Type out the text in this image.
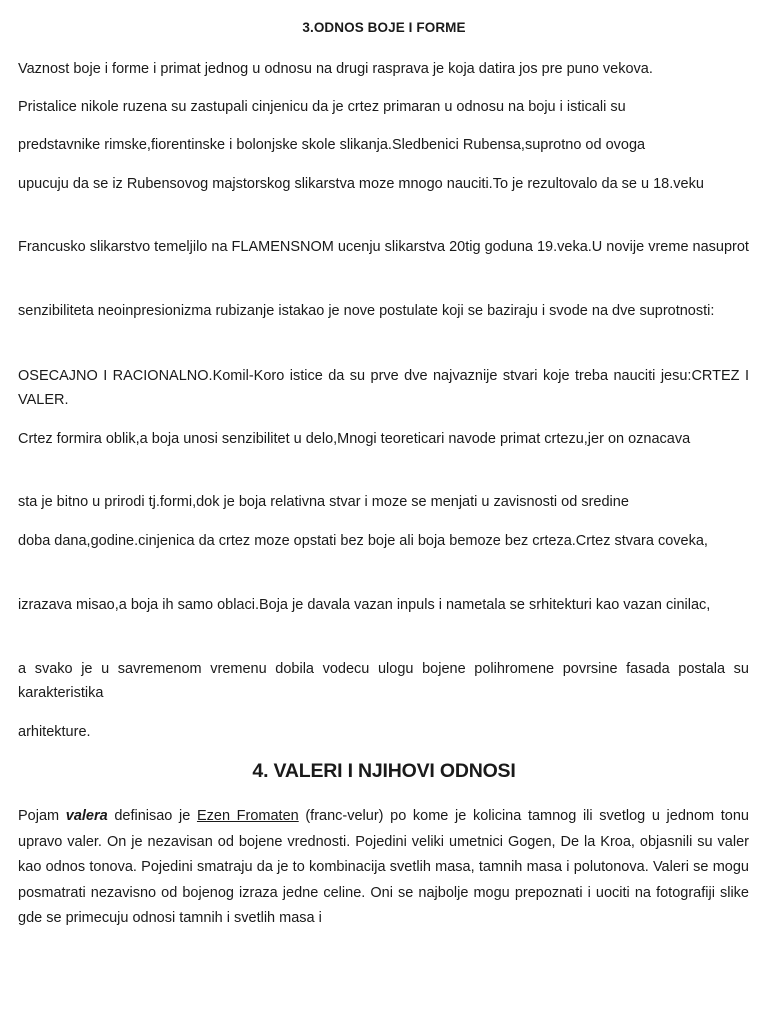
3.ODNOS BOJE I FORME
Vaznost boje i forme i primat jednog u odnosu na drugi rasprava je koja datira jos pre puno vekova.
Pristalice nikole ruzena su zastupali cinjenicu da je crtez primaran u odnosu na boju i isticali su
predstavnike rimske,fiorentinske i bolonjske skole slikanja.Sledbenici Rubensa,suprotno od ovoga
upucuju da se iz Rubensovog majstorskog slikarstva moze mnogo nauciti.To je rezultovalo da se u 18.veku
Francusko slikarstvo temeljilo na FLAMENSNOM ucenju slikarstva 20tig goduna 19.veka.U novije vreme nasuprot
senzibiliteta neoinpresionizma rubizanje istakao je nove postulate koji se baziraju i svode na dve suprotnosti:
OSECAJNO I RACIONALNO.Komil-Koro istice da su prve dve najvaznije stvari koje treba nauciti jesu:CRTEZ I VALER.
Crtez formira oblik,a boja unosi senzibilitet u delo,Mnogi teoreticari navode primat crtezu,jer on oznacava
sta je bitno u prirodi tj.formi,dok je boja relativna stvar i moze se menjati u zavisnosti od sredine
doba dana,godine.cinjenica da crtez moze opstati bez boje ali boja bemoze bez crteza.Crtez stvara coveka,
izrazava misao,a boja ih samo oblaci.Boja je davala vazan inpuls i nametala se srhitekturi kao vazan cinilac,
a svako je u savremenom vremenu dobila vodecu ulogu bojene polihromene povrsine fasada postala su karakteristika
arhitekture.
4. VALERI I NJIHOVI ODNOSI
Pojam valera definisao je Ezen Fromaten (franc-velur) po kome je kolicina tamnog ili svetlog u jednom tonu upravo valer. On je nezavisan od bojene vrednosti. Pojedini veliki umetnici Gogen, De la Kroa, objasnili su valer kao odnos tonova. Pojedini smatraju da je to kombinacija svetlih masa, tamnih masa i polutonova. Valeri se mogu posmatrati nezavisno od bojenog izraza jedne celine. Oni se najbolje mogu prepoznati i uociti na fotografiji slike gde se primecuju odnosi tamnih i svetlih masa i
